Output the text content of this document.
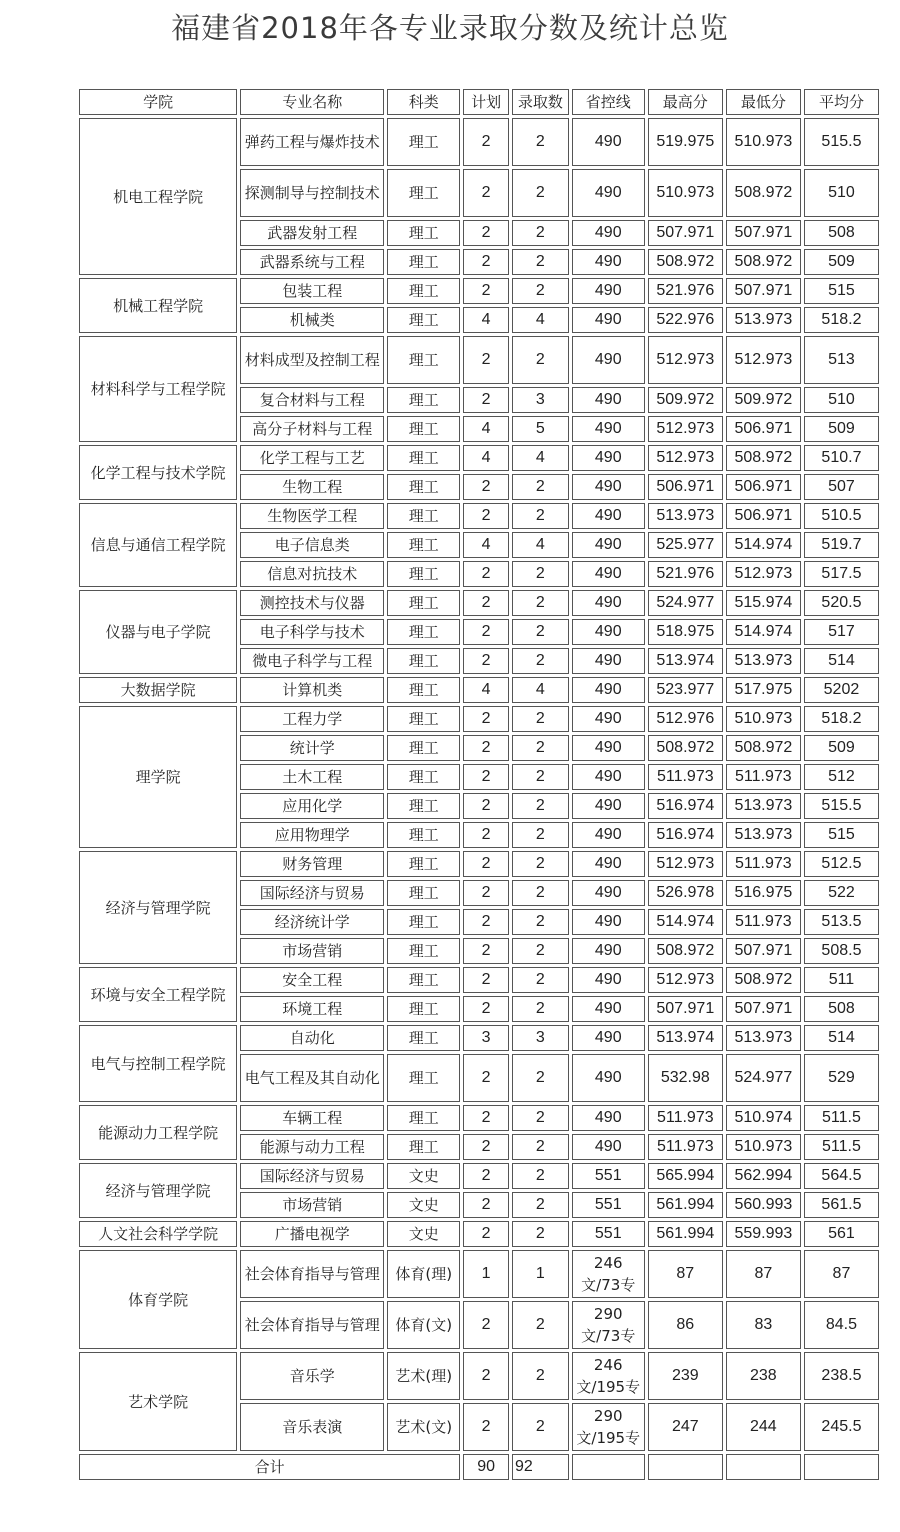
福建省2018年各专业录取分数及统计总览
学院	专业名称	科类	计划	录取数	省控线	最高分	最低分	平均分
机电工程学院	弹药工程与爆炸技术	理工	2	2	490	519.975	510.973	515.5
	探测制导与控制技术	理工	2	2	490	510.973	508.972	510
	武器发射工程	理工	2	2	490	507.971	507.971	508
	武器系统与工程	理工	2	2	490	508.972	508.972	509
机械工程学院	包装工程	理工	2	2	490	521.976	507.971	515
	机械类	理工	4	4	490	522.976	513.973	518.2
材料科学与工程学院	材料成型及控制工程	理工	2	2	490	512.973	512.973	513
	复合材料与工程	理工	2	3	490	509.972	509.972	510
	高分子材料与工程	理工	4	5	490	512.973	506.971	509
化学工程与技术学院	化学工程与工艺	理工	4	4	490	512.973	508.972	510.7
	生物工程	理工	2	2	490	506.971	506.971	507
信息与通信工程学院	生物医学工程	理工	2	2	490	513.973	506.971	510.5
	电子信息类	理工	4	4	490	525.977	514.974	519.7
	信息对抗技术	理工	2	2	490	521.976	512.973	517.5
仪器与电子学院	测控技术与仪器	理工	2	2	490	524.977	515.974	520.5
	电子科学与技术	理工	2	2	490	518.975	514.974	517
	微电子科学与工程	理工	2	2	490	513.974	513.973	514
大数据学院	计算机类	理工	4	4	490	523.977	517.975	5202
理学院	工程力学	理工	2	2	490	512.976	510.973	518.2
	统计学	理工	2	2	490	508.972	508.972	509
	土木工程	理工	2	2	490	511.973	511.973	512
	应用化学	理工	2	2	490	516.974	513.973	515.5
	应用物理学	理工	2	2	490	516.974	513.973	515
经济与管理学院	财务管理	理工	2	2	490	512.973	511.973	512.5
	国际经济与贸易	理工	2	2	490	526.978	516.975	522
	经济统计学	理工	2	2	490	514.974	511.973	513.5
	市场营销	理工	2	2	490	508.972	507.971	508.5
环境与安全工程学院	安全工程	理工	2	2	490	512.973	508.972	511
	环境工程	理工	2	2	490	507.971	507.971	508
电气与控制工程学院	自动化	理工	3	3	490	513.974	513.973	514
	电气工程及其自动化	理工	2	2	490	532.98	524.977	529
能源动力工程学院	车辆工程	理工	2	2	490	511.973	510.974	511.5
	能源与动力工程	理工	2	2	490	511.973	510.973	511.5
经济与管理学院	国际经济与贸易	文史	2	2	551	565.994	562.994	564.5
	市场营销	文史	2	2	551	561.994	560.993	561.5
人文社会科学学院	广播电视学	文史	2	2	551	561.994	559.993	561
体育学院	社会体育指导与管理	体育(理)	1	1	246文/73专	87	87	87
	社会体育指导与管理	体育(文)	2	2	290文/73专	86	83	84.5
艺术学院	音乐学	艺术(理)	2	2	246文/195专	239	238	238.5
	音乐表演	艺术(文)	2	2	290文/195专	247	244	245.5
合计			90	92				
